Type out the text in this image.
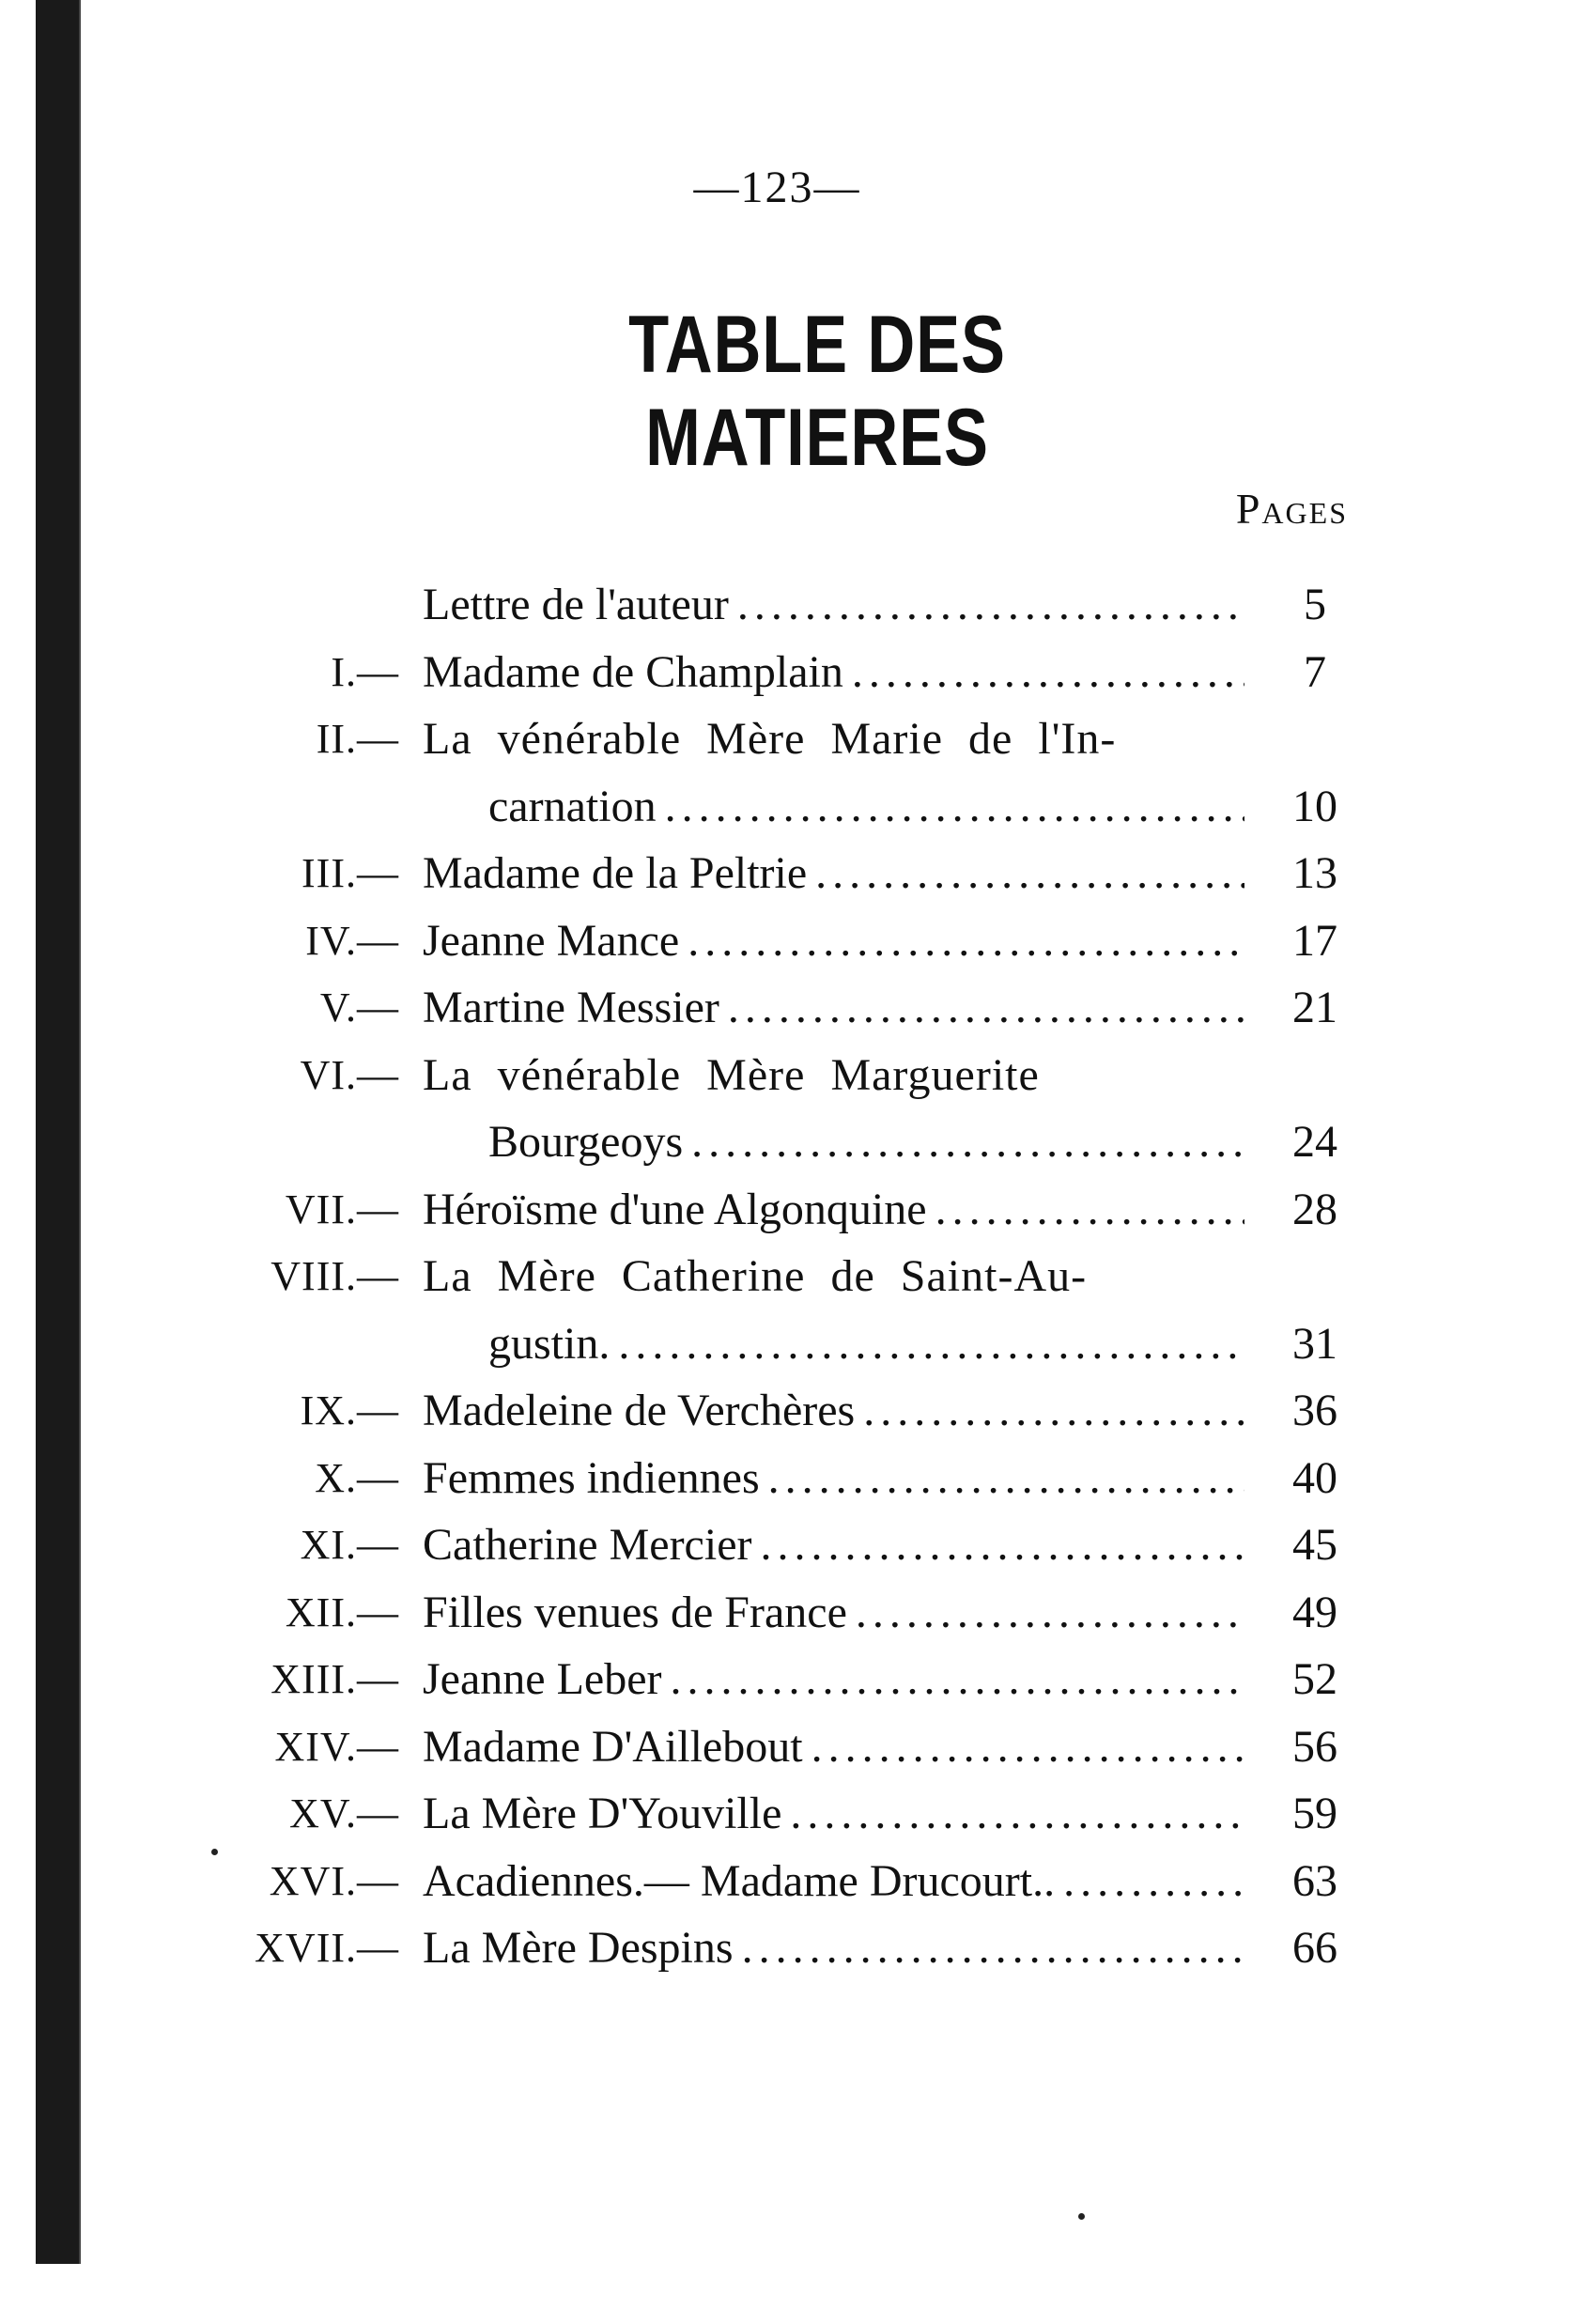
—123—
TABLE DES MATIERES
Pages
Lettre de l'auteur . . .	5
I.— Madame de Champlain . . .	7
II.— La vénérable Mère Marie de l'In-
carnation . . .	10
III.— Madame de la Peltrie . . .	13
IV.— Jeanne Mance . . .	17
V.— Martine Messier . . .	21
VI.— La vénérable Mère Marguerite
Bourgeoys . . .	24
VII.— Héroïsme d'une Algonquine . . .	28
VIII.— La Mère Catherine de Saint-Au-
gustin. . . .	31
IX.— Madeleine de Verchères . . .	36
X.— Femmes indiennes . . .	40
XI.— Catherine Mercier . . .	45
XII.— Filles venues de France . . .	49
XIII.— Jeanne Leber . . .	52
XIV.— Madame D'Aillebout . . .	56
XV.— La Mère D'Youville . . .	59
XVI.— Acadiennes.— Madame Drucourt.. . . .	63
XVII.— La Mère Despins . . .	66
